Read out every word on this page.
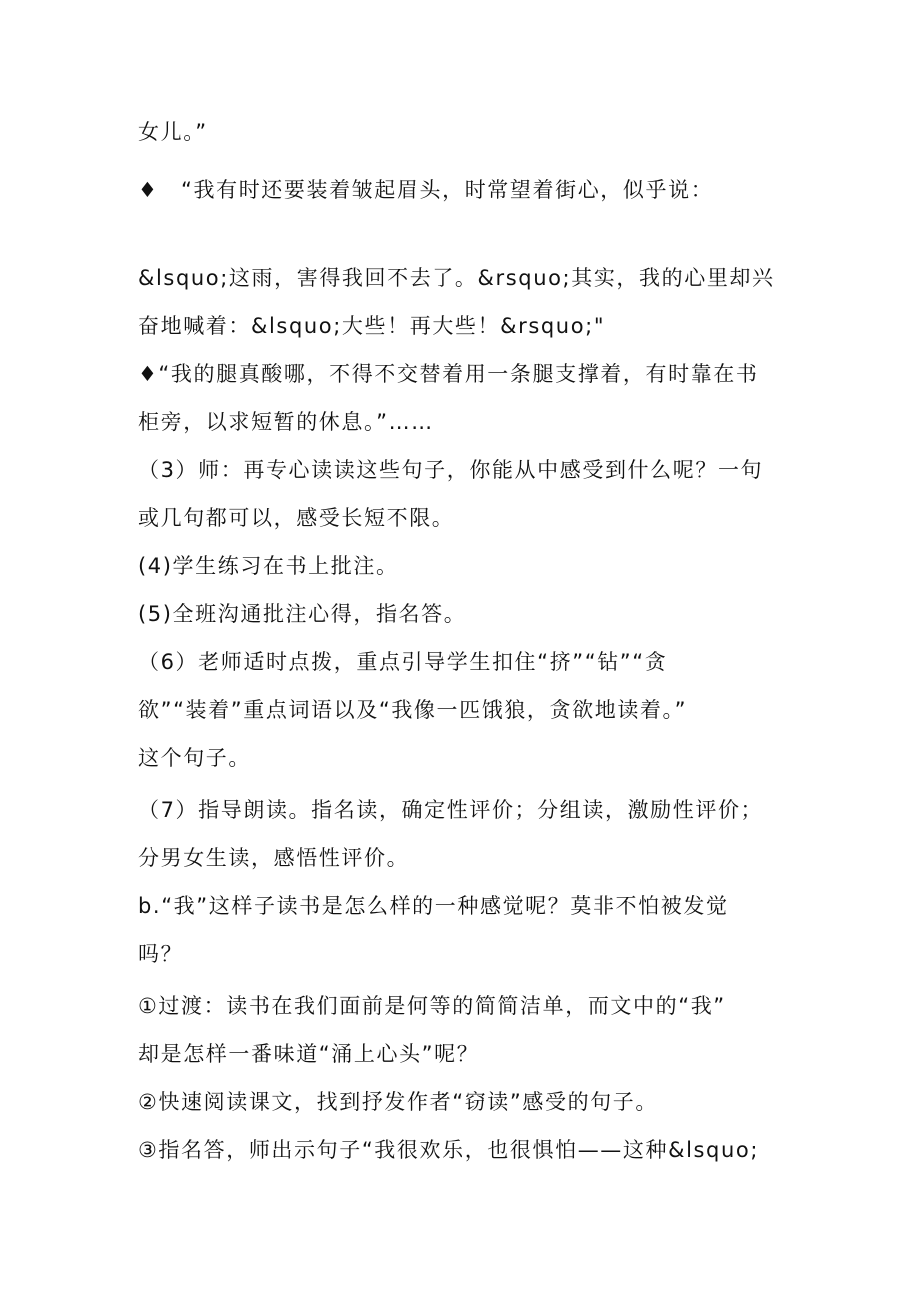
女儿。”
♦　“我有时还要装着皱起眉头，时常望着街心，似乎说：
&lsquo;这雨，害得我回不去了。&rsquo;其实，我的心里却兴
奋地喊着：&lsquo;大些！再大些！&rsquo;"
♦“我的腿真酸哪，不得不交替着用一条腿支撑着，有时靠在书
柜旁，以求短暂的休息。”……
（3）师：再专心读读这些句子，你能从中感受到什么呢？一句
或几句都可以，感受长短不限。
(4)学生练习在书上批注。
(5)全班沟通批注心得，指名答。
（6）老师适时点拨，重点引导学生扣住“挤”“钻”“贪
欲”“装着”重点词语以及“我像一匹饿狼，贪欲地读着。”
这个句子。
（7）指导朗读。指名读，确定性评价；分组读，激励性评价；
分男女生读，感悟性评价。
b.“我”这样子读书是怎么样的一种感觉呢？莫非不怕被发觉
吗？
①过渡：读书在我们面前是何等的简简洁单，而文中的“我”
却是怎样一番味道“涌上心头”呢？
②快速阅读课文，找到抒发作者“窃读”感受的句子。
③指名答，师出示句子“我很欢乐，也很惧怕——这种&lsquo;
